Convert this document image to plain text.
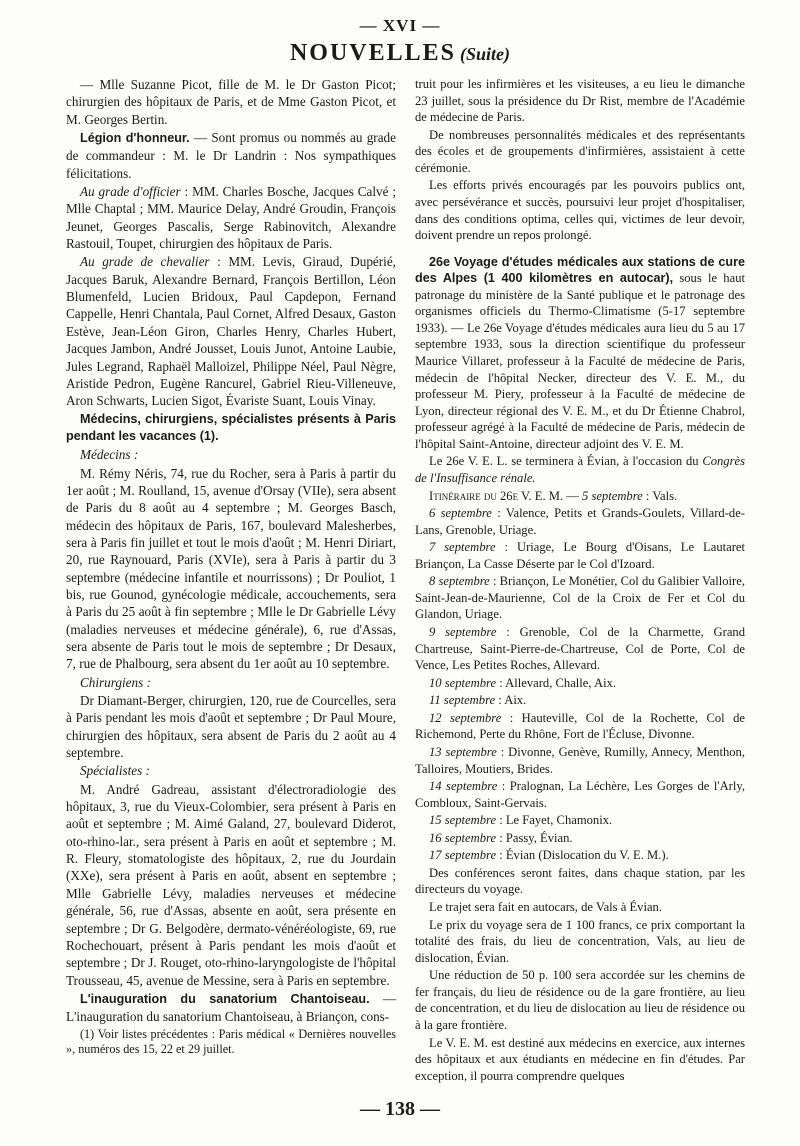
— XVI —
NOUVELLES (Suite)

— Mlle Suzanne Picot, fille de M. le Dr Gaston Picot; chirurgien des hôpitaux de Paris, et de Mme Gaston Picot, et M. Georges Bertin.

Légion d'honneur. — Sont promus ou nommés au grade de commandeur : M. le Dr Landrin : Nos sympathiques félicitations.

Au grade d'officier : MM. Charles Bosche, Jacques Calvé ; Mlle Chaptal ; MM. Maurice Delay, André Groudin, François Jeunet, Georges Pascalis, Serge Rabinovitch, Alexandre Rastouil, Toupet, chirurgien des hôpitaux de Paris.

Au grade de chevalier : MM. Levis, Giraud, Dupérié, Jacques Baruk, Alexandre Bernard, François Bertillon, Léon Blumenfeld, Lucien Bridoux, Paul Capdepon, Fernand Cappelle, Henri Chantala, Paul Cornet, Alfred Desaux, Gaston Estève, Jean-Léon Giron, Charles Henry, Charles Hubert, Jacques Jambon, André Jousset, Louis Junot, Antoine Laubie, Jules Legrand, Raphaël Malloizel, Philippe Néel, Paul Nègre, Aristide Pedron, Eugène Rancurel, Gabriel Rieu-Villeneuve, Aron Schwarts, Lucien Sigot, Évariste Suant, Louis Vinay.

Médecins, chirurgiens, spécialistes présents à Paris pendant les vacances (1).

Médecins :

M. Rémy Néris, 74, rue du Rocher, sera à Paris à partir du 1er août ; M. Roulland, 15, avenue d'Orsay (VIIe), sera absent de Paris du 8 août au 4 septembre ; M. Georges Basch, médecin des hôpitaux de Paris, 167, boulevard Malesherbes, sera à Paris fin juillet et tout le mois d'août ; M. Henri Diriart, 20, rue Raynouard, Paris (XVIe), sera à Paris à partir du 3 septembre (médecine infantile et nourrissons) ; Dr Pouliot, 1 bis, rue Gounod, gynécologie médicale, accouchements, sera à Paris du 25 août à fin septembre ; Mlle le Dr Gabrielle Lévy (maladies nerveuses et médecine générale), 6, rue d'Assas, sera absente de Paris tout le mois de septembre ; Dr Desaux, 7, rue de Phalbourg, sera absent du 1er août au 10 septembre.

Chirurgiens :

Dr Diamant-Berger, chirurgien, 120, rue de Courcelles, sera à Paris pendant les mois d'août et septembre ; Dr Paul Moure, chirurgien des hôpitaux, sera absent de Paris du 2 août au 4 septembre.

Spécialistes :

M. André Gadreau, assistant d'électroradiologie des hôpitaux, 3, rue du Vieux-Colombier, sera présent à Paris en août et septembre ; M. Aimé Galand, 27, boulevard Diderot, oto-rhino-lar., sera présent à Paris en août et septembre ; M. R. Fleury, stomatologiste des hôpitaux, 2, rue du Jourdain (XXe), sera présent à Paris en août, absent en septembre ; Mlle Gabrielle Lévy, maladies nerveuses et médecine générale, 56, rue d'Assas, absente en août, sera présente en septembre ; Dr G. Belgodère, dermato-vénéréologiste, 69, rue Rochechouart, présent à Paris pendant les mois d'août et septembre ; Dr J. Rouget, oto-rhino-laryngologiste de l'hôpital Trousseau, 45, avenue de Messine, sera à Paris en septembre.

L'inauguration du sanatorium Chantoiseau. — L'inauguration du sanatorium Chantoiseau, à Briançon, cons-

(1) Voir listes précédentes : Paris médical « Dernières nouvelles », numéros des 15, 22 et 29 juillet.

truit pour les infirmières et les visiteuses, a eu lieu le dimanche 23 juillet, sous la présidence du Dr Rist, membre de l'Académie de médecine de Paris.

De nombreuses personnalités médicales et des représentants des écoles et de groupements d'infirmières, assistaient à cette cérémonie.

Les efforts privés encouragés par les pouvoirs publics ont, avec persévérance et succès, poursuivi leur projet d'hospitaliser, dans des conditions optima, celles qui, victimes de leur devoir, doivent prendre un repos prolongé.

26e Voyage d'études médicales aux stations de cure des Alpes (1 400 kilomètres en autocar), sous le haut patronage du ministère de la Santé publique et le patronage des organismes officiels du Thermo-Climatisme (5-17 septembre 1933). — Le 26e Voyage d'études médicales aura lieu du 5 au 17 septembre 1933, sous la direction scientifique du professeur Maurice Villaret, professeur à la Faculté de médecine de Paris, médecin de l'hôpital Necker, directeur des V. E. M., du professeur M. Piery, professeur à la Faculté de médecine de Lyon, directeur régional des V. E. M., et du Dr Étienne Chabrol, professeur agrégé à la Faculté de médecine de Paris, médecin de l'hôpital Saint-Antoine, directeur adjoint des V. E. M.

Le 26e V. E. L. se terminera à Évian, à l'occasion du Congrès de l'Insuffisance rénale.

Itinéraire du 26e V. E. M. — 5 septembre : Vals.

6 septembre : Valence, Petits et Grands-Goulets, Villard-de-Lans, Grenoble, Uriage.

7 septembre : Uriage, Le Bourg d'Oisans, Le Lautaret Briançon, La Casse Déserte par le Col d'Izoard.

8 septembre : Briançon, Le Monétier, Col du Galibier Valloire, Saint-Jean-de-Maurienne, Col de la Croix de Fer et Col du Glandon, Uriage.

9 septembre : Grenoble, Col de la Charmette, Grand Chartreuse, Saint-Pierre-de-Chartreuse, Col de Porte, Col de Vence, Les Petites Roches, Allevard.

10 septembre : Allevard, Challe, Aix.

11 septembre : Aix.

12 septembre : Hauteville, Col de la Rochette, Col de Richemond, Perte du Rhône, Fort de l'Écluse, Divonne.

13 septembre : Divonne, Genève, Rumilly, Annecy, Menthon, Talloires, Moutiers, Brides.

14 septembre : Pralognan, La Léchère, Les Gorges de l'Arly, Combloux, Saint-Gervais.

15 septembre : Le Fayet, Chamonix.

16 septembre : Passy, Évian.

17 septembre : Évian (Dislocation du V. E. M.).

Des conférences seront faites, dans chaque station, par les directeurs du voyage.

Le trajet sera fait en autocars, de Vals à Évian.

Le prix du voyage sera de 1 100 francs, ce prix comportant la totalité des frais, du lieu de concentration, Vals, au lieu de dislocation, Évian.

Une réduction de 50 p. 100 sera accordée sur les chemins de fer français, du lieu de résidence ou de la gare frontière, au lieu de concentration, et du lieu de dislocation au lieu de résidence ou à la gare frontière.

Le V. E. M. est destiné aux médecins en exercice, aux internes des hôpitaux et aux étudiants en médecine en fin d'études. Par exception, il pourra comprendre quelques

— 138 —
